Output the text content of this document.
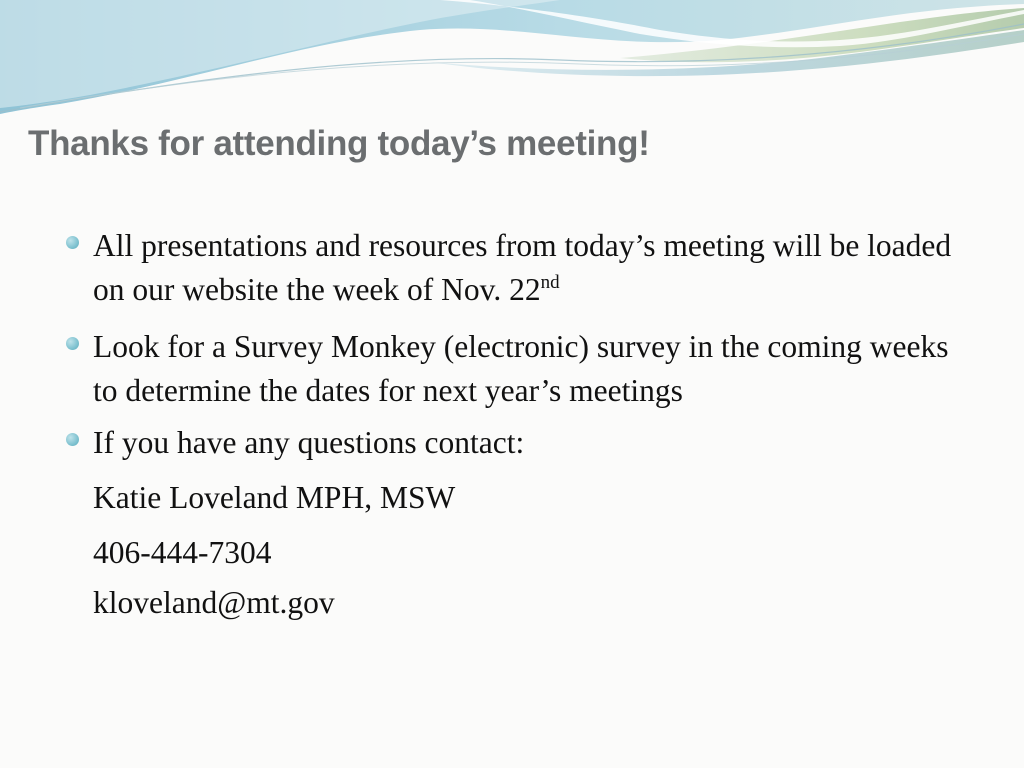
Thanks for attending today’s meeting!
All presentations and resources from today’s meeting will be loaded on our website the week of Nov. 22nd
Look for a Survey Monkey (electronic) survey in the coming weeks to determine the dates for next year’s meetings
If you have any questions contact:
Katie Loveland MPH, MSW
406-444-7304
kloveland@mt.gov
